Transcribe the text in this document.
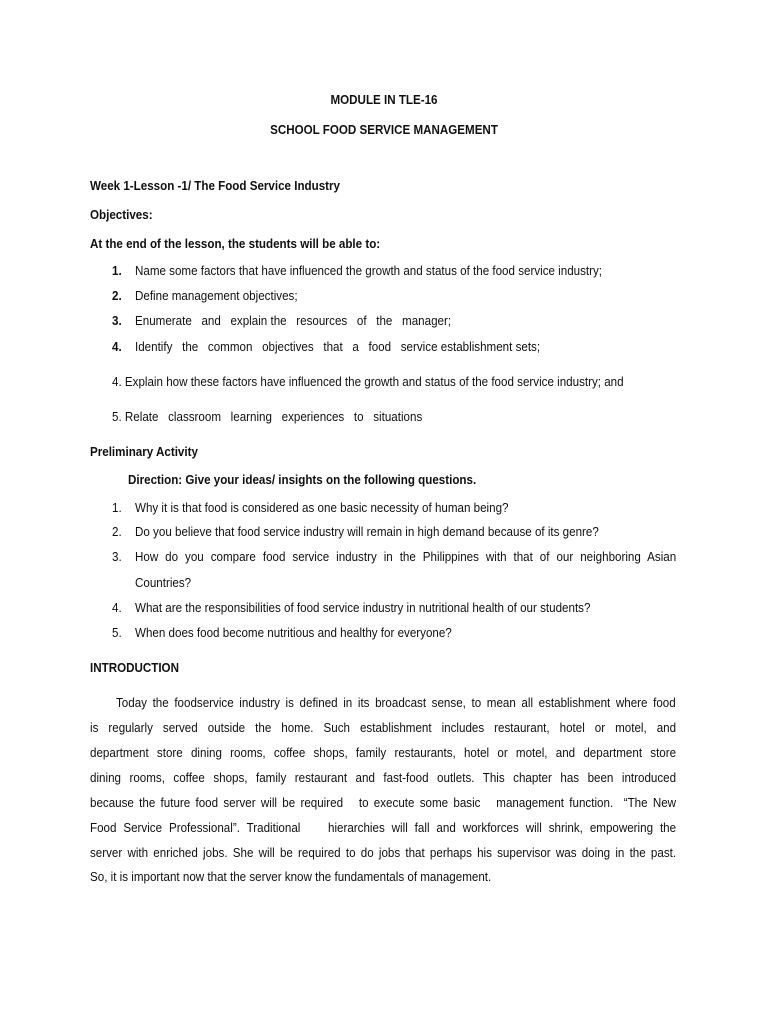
MODULE IN TLE-16
SCHOOL FOOD SERVICE MANAGEMENT
Week 1-Lesson -1/ The Food Service Industry
Objectives:
At the end of the lesson, the students will be able to:
1. Name some factors that have influenced the growth and status of the food service industry;
2. Define management objectives;
3. Enumerate   and   explain the   resources   of   the   manager;
4. Identify   the   common   objectives   that   a   food   service establishment sets;
4. Explain how these factors have influenced the growth and status of the food service industry; and
5. Relate   classroom   learning   experiences   to   situations
Preliminary Activity
Direction: Give your ideas/ insights on the following questions.
1. Why it is that food is considered as one basic necessity of human being?
2. Do you believe that food service industry will remain in high demand because of its genre?
3. How do you compare food service industry in the Philippines with that of our neighboring Asian
Countries?
4. What are the responsibilities of food service industry in nutritional health of our students?
5. When does food become nutritious and healthy for everyone?
INTRODUCTION
Today the foodservice industry is defined in its broadcast sense, to mean all establishment where food
is regularly served outside the home. Such establishment includes restaurant, hotel or motel, and
department store dining rooms, coffee shops, family restaurants, hotel or motel, and department store
dining rooms, coffee shops, family restaurant and fast-food outlets. This chapter has been introduced
because the future food server will be required   to execute some basic   management function.  “The New
Food Service Professional”. Traditional    hierarchies will fall and workforces will shrink, empowering the
server with enriched jobs. She will be required to do jobs that perhaps his supervisor was doing in the past.
So, it is important now that the server know the fundamentals of management.
